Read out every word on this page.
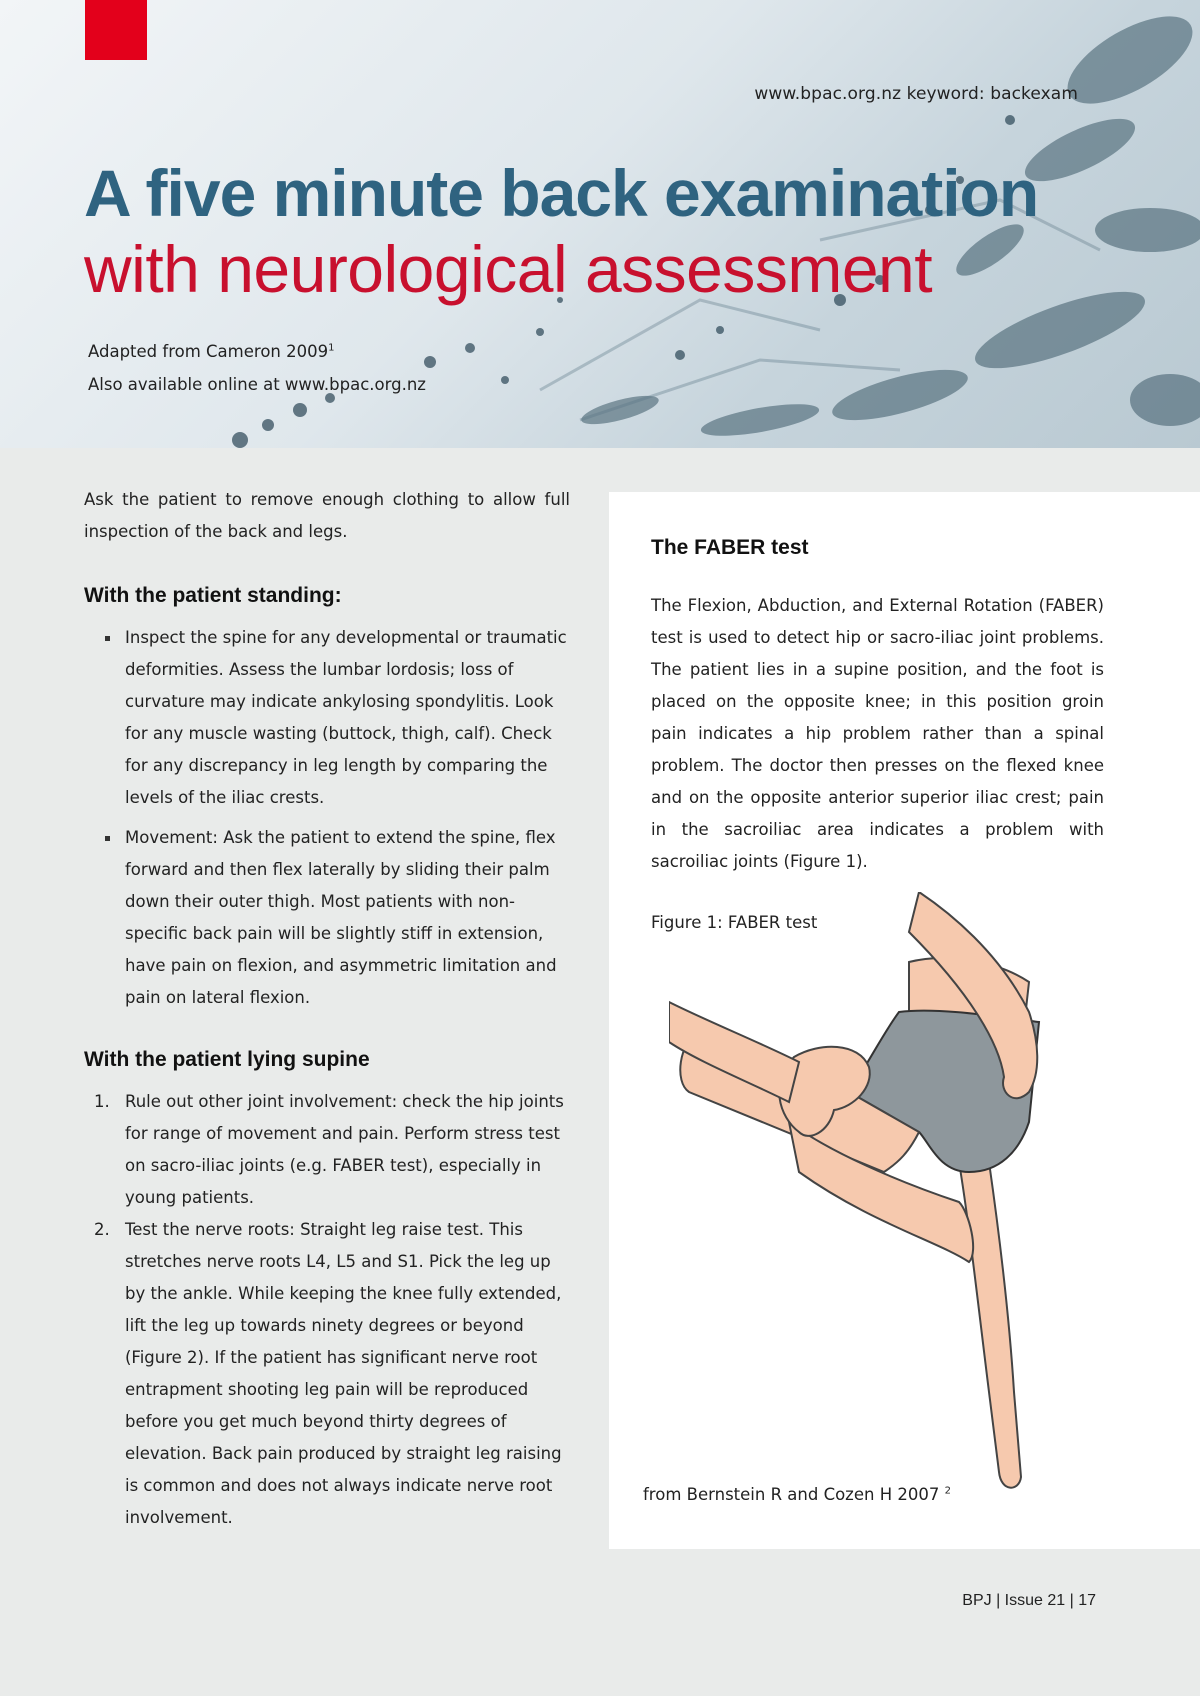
www.bpac.org.nz keyword: backexam
A five minute back examination
with neurological assessment
Adapted from Cameron 2009$^1$
Also available online at www.bpac.org.nz

Ask the patient to remove enough clothing to allow full inspection of the back and legs.

With the patient standing:
Inspect the spine for any developmental or traumatic deformities. Assess the lumbar lordosis; loss of curvature may indicate ankylosing spondylitis. Look for any muscle wasting (buttock, thigh, calf). Check for any discrepancy in leg length by comparing the levels of the iliac crests.
Movement: Ask the patient to extend the spine, flex forward and then flex laterally by sliding their palm down their outer thigh. Most patients with non-specific back pain will be slightly stiff in extension, have pain on flexion, and asymmetric limitation and pain on lateral flexion.
With the patient lying supine
1. Rule out other joint involvement: check the hip joints for range of movement and pain. Perform stress test on sacro-iliac joints (e.g. FABER test), especially in young patients.
2. Test the nerve roots: Straight leg raise test. This stretches nerve roots L4, L5 and S1. Pick the leg up by the ankle. While keeping the knee fully extended, lift the leg up towards ninety degrees or beyond (Figure 2). If the patient has significant nerve root entrapment shooting leg pain will be reproduced before you get much beyond thirty degrees of elevation. Back pain produced by straight leg raising is common and does not always indicate nerve root involvement.
The FABER test

The Flexion, Abduction, and External Rotation (FABER) test is used to detect hip or sacro-iliac joint problems. The patient lies in a supine position, and the foot is placed on the opposite knee; in this position groin pain indicates a hip problem rather than a spinal problem. The doctor then presses on the flexed knee and on the opposite anterior superior iliac crest; pain in the sacroiliac area indicates a problem with sacroiliac joints (Figure 1).

Figure 1: FABER test
from Bernstein R and Cozen H 2007 $^2$
BPJ | Issue 21 | 17
